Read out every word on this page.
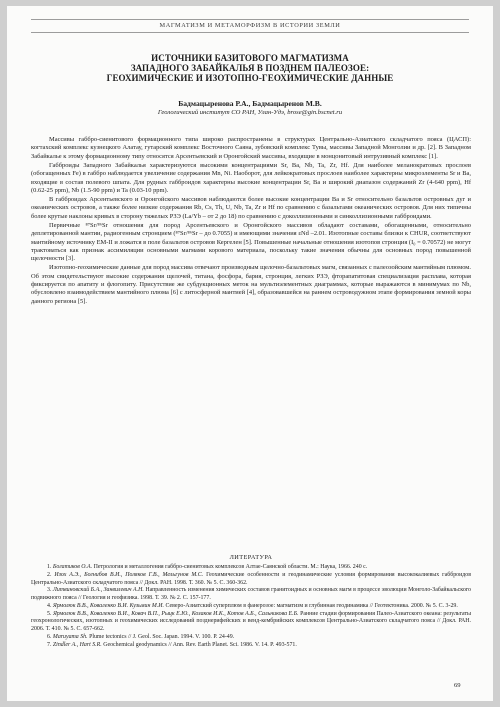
МАГМАТИЗМ И МЕТАМОРФИЗМ В ИСТОРИИ ЗЕМЛИ
ИСТОЧНИКИ БАЗИТОВОГО МАГМАТИЗМА
ЗАПАДНОГО ЗАБАЙКАЛЬЯ В ПОЗДНЕМ ПАЛЕОЗОЕ:
ГЕОХИМИЧЕСКИЕ И ИЗОТОПНО-ГЕОХИМИЧЕСКИЕ ДАННЫЕ
Бадмацыренова Р.А., Бадмацыренов М.В.
Геологический институт СО РАН, Улан-Удэ, brose@gin.bscnet.ru

Массивы габбро-сиенитового формационного типа широко распространены в структурах Центрально-Азиатского складчатого пояса (ЦАСП): когтахский комплекс кузнецкого Алатау, гутарский комплекс Восточного Саяна, зубовский комплекс Тувы, массивы Западной Монголии и др. [2]. В Западном Забайкалье к этому формационному типу относятся Арсентьевский и Оронгойский массивы, входящие в монцонитовый интрузивный комплекс [1].

Габброиды Западного Забайкалья характеризуются высокими концентрациями Sr, Ba, Nb, Ta, Zr, Hf. Для наиболее меланократовых прослоев (обогащенных Fe) в габбро наблюдается увеличение содержания Mn, Ni. Наоборот, для лейкократовых прослоев наиболее характерны микроэлементы Sr и Ba, входящие в состав полевого шпата. Для рудных габброидов характерны высокие концентрации Sr, Ba и широкий диапазон содержаний Zr (4-640 ppm), Hf (0.62-25 ppm), Nb (1.5-90 ppm) и Ta (0.03-10 ppm).

В габброидах Арсентьевского и Оронгойского массивов наблюдаются более высокие концентрации Ba и Sr относительно базальтов островных дуг и океанических островов, а также более низкие содержания Rb, Cs, Th, U, Nb, Ta, Zr и Hf по сравнению с базальтами океанических островов. Для них типичны более крутые наклоны кривых в сторону тяжелых РЗЭ (La/Yb – от 2 до 18) по сравнению с доколлизионными и синколлизионными габброидами.

Первичные ⁸⁷Sr/⁸⁶Sr отношения для пород Арсентьевского и Оронгойского массивов обладают составами, обогащенными, относительно деплетированной мантии, радиогенным стронцием (⁸⁷Sr/⁸⁶Sr – до 0.7055) и имеющими значения εNd –2.01. Изотопные составы близки к CHUR, соответствуют мантийному источнику EM-II и ложатся в поле базальтов островов Кергелен [5]. Повышенные начальные отношения изотопов стронция (I₀ = 0.70572) не могут трактоваться как признак ассимиляции основными магмами корового материала, поскольку такие значения обычны для основных пород повышенной щелочности [3].

Изотопно-геохимические данные для пород массива отвечают производным щелочно-базальтовых магм, связанных с палеозойским мантийным плюмом. Об этом свидетельствуют высокие содержания щелочей, титана, фосфора, бария, стронция, легких РЗЭ, фторапатитовая специализация расплава, которая фиксируется по апатиту и флогопиту. Присутствие же субдукционных меток на мультиэлементных диаграммах, которые выражаются в минимумах по Nb, обусловлено взаимодействием мантийного плюма [6] с литосферной мантией [4], образовавшейся на раннем островодужном этапе формирования земной коры данного региона [5].

ЛИТЕРАТУРА

1. Богатиков О.А. Петрология и металлогения габбро-сиенитовых комплексов Алтае-Саянской области. М.: Наука, 1966. 240 с.

2. Изох А.Э., Богнибов В.И., Поляков Г.В., Мельгунов М.С. Геохимические особенности и геодинамические условия формирования высококалиевых габброидов Центрально-Азиатского складчатого пояса // Докл. РАН. 1998. Т. 360. № 5. С. 360-362.

3. Литвиновский Б.А., Занвилевич А.Н. Направленность изменения химических составов гранитоидных и основных магм в процессе эволюции Монголо-Забайкальского подвижного пояса // Геология и геофизика. 1998. Т. 39. № 2. С. 157-177.

4. Ярмолюк В.В., Коваленко В.И. Кузьмин М.И. Северо-Азиатский суперплюм в фанерозое: магматизм и глубинная геодинамика // Геотектоника. 2000. № 5. С. 3-29.

5. Ярмолюк В.В., Коваленко В.И., Ковач В.П., Рыцк Е.Ю., Козаков И.К., Котов А.Б., Сальникова Е.Б. Ранние стадии формирования Палео-Азиатского океана: результаты геохронологических, изотопных и геохимических исследований позднерифейских и венд-кембрийских комплексов Центрально-Азиатского складчатого пояса // Докл. РАН. 2006. Т. 410. № 5. С. 657-662.

6. Maruyama Sh. Plume tectonics // J. Geol. Soc. Japan. 1994. V. 100. P. 24-49.

7. Zindler A., Hart S.R. Geochemical geodynamics // Ann. Rev. Earth Planet. Sci. 1986. V. 14. P. 493-571.

69
